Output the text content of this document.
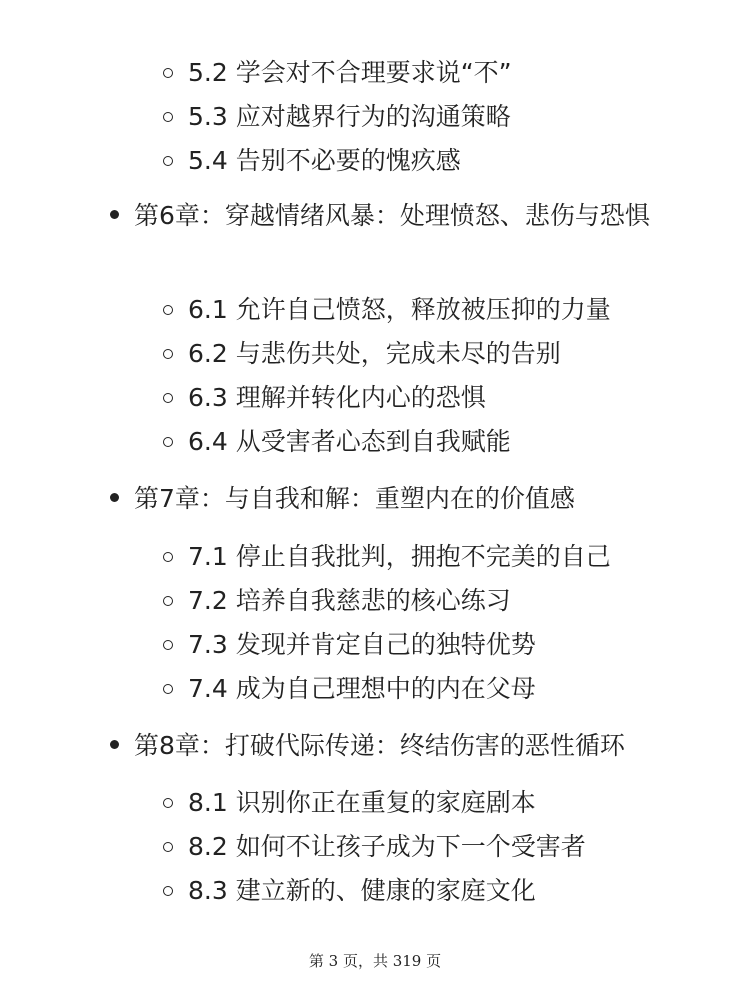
5.2 学会对不合理要求说“不”
5.3 应对越界行为的沟通策略
5.4 告别不必要的愧疚感
第6章：穿越情绪风暴：处理愤怒、悲伤与恐惧
6.1 允许自己愤怒，释放被压抑的力量
6.2 与悲伤共处，完成未尽的告别
6.3 理解并转化内心的恐惧
6.4 从受害者心态到自我赋能
第7章：与自我和解：重塑内在的价值感
7.1 停止自我批判，拥抱不完美的自己
7.2 培养自我慈悲的核心练习
7.3 发现并肯定自己的独特优势
7.4 成为自己理想中的内在父母
第8章：打破代际传递：终结伤害的恶性循环
8.1 识别你正在重复的家庭剧本
8.2 如何不让孩子成为下一个受害者
8.3 建立新的、健康的家庭文化
第 3 页，共 319 页
